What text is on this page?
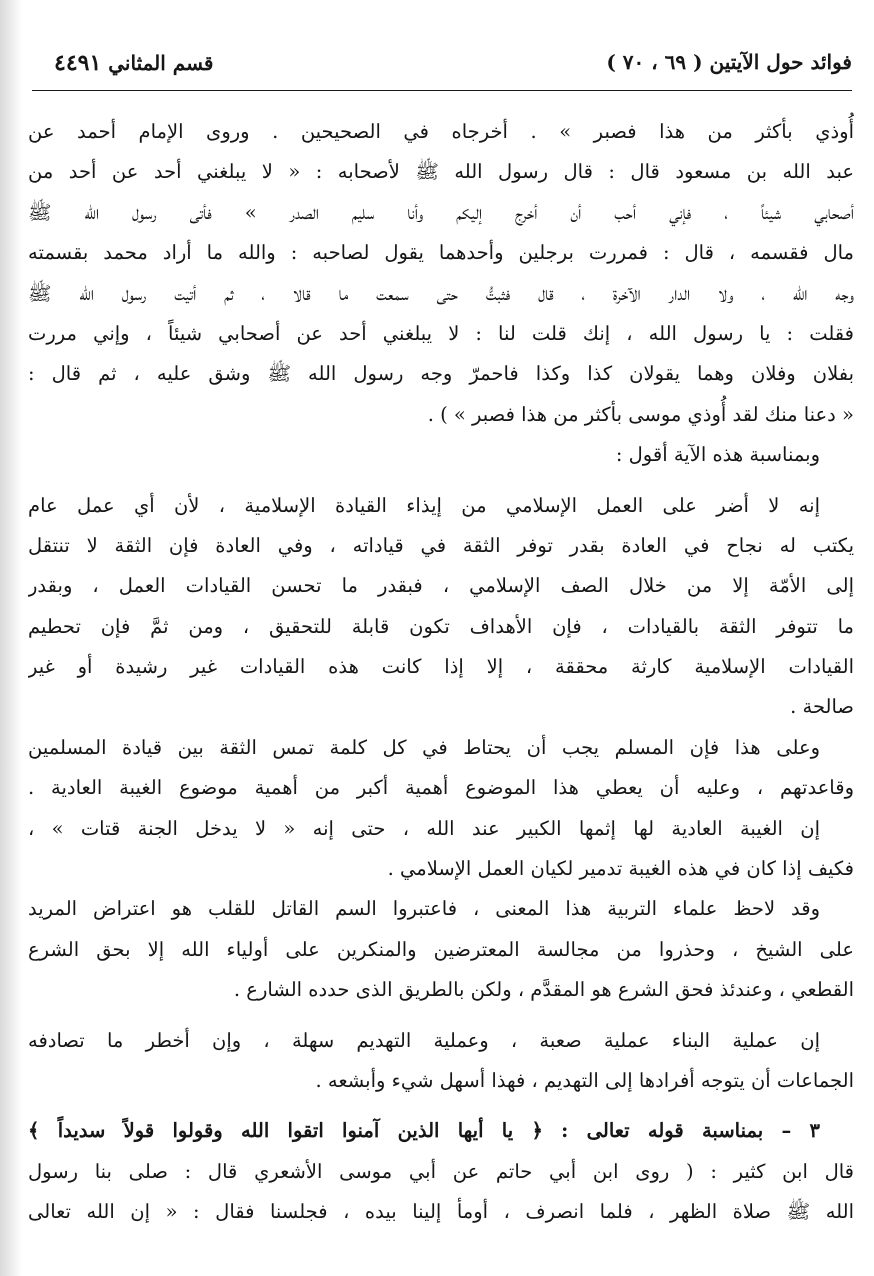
فوائد حول الآيتين ( ٦٩ ، ٧٠ )
قسم المثاني ٤٤٩١
أُوذي بأكثر من هذا فصبر » . أخرجاه في الصحيحين . وروى الإمام أحمد عن
عبد الله بن مسعود قال : قال رسول الله ﷺ لأصحابه : « لا يبلغني أحد عن أحد من
أصحابي شيئاً ، فإني أحب أن أخرج إليكم وأنا سليم الصدر » فأتى رسول الله ﷺ
مال فقسمه ، قال : فمررت برجلين وأحدهما يقول لصاحبه : والله ما أراد محمد بقسمته
وجه الله ، ولا الدار الآخرة ، قال فثبتُّ حتى سمعت ما قالا ، ثم أتيت رسول الله ﷺ
فقلت : يا رسول الله ، إنك قلت لنا : لا يبلغني أحد عن أصحابي شيئاً ، وإني مررت
بفلان وفلان وهما يقولان كذا وكذا فاحمرّ وجه رسول الله ﷺ وشق عليه ، ثم قال :
« دعنا منك لقد أُوذي موسى بأكثر من هذا فصبر » ) .
وبمناسبة هذه الآية أقول :
إنه لا أضر على العمل الإسلامي من إيذاء القيادة الإسلامية ، لأن أي عمل عام
يكتب له نجاح في العادة بقدر توفر الثقة في قياداته ، وفي العادة فإن الثقة لا تنتقل
إلى الأمّة إلا من خلال الصف الإسلامي ، فبقدر ما تحسن القيادات العمل ، وبقدر
ما تتوفر الثقة بالقيادات ، فإن الأهداف تكون قابلة للتحقيق ، ومن ثمَّ فإن تحطيم
القيادات الإسلامية كارثة محققة ، إلا إذا كانت هذه القيادات غير رشيدة أو غير
صالحة .
وعلى هذا فإن المسلم يجب أن يحتاط في كل كلمة تمس الثقة بين قيادة المسلمين
وقاعدتهم ، وعليه أن يعطي هذا الموضوع أهمية أكبر من أهمية موضوع الغيبة العادية .
إن الغيبة العادية لها إثمها الكبير عند الله ، حتى إنه « لا يدخل الجنة قتات » ،
فكيف إذا كان في هذه الغيبة تدمير لكيان العمل الإسلامي .
وقد لاحظ علماء التربية هذا المعنى ، فاعتبروا السم القاتل للقلب هو اعتراض المريد
على الشيخ ، وحذروا من مجالسة المعترضين والمنكرين على أولياء الله إلا بحق الشرع
القطعي ، وعندئذ فحق الشرع هو المقدَّم ، ولكن بالطريق الذى حدده الشارع .
إن عملية البناء عملية صعبة ، وعملية التهديم سهلة ، وإن أخطر ما تصادفه
الجماعات أن يتوجه أفرادها إلى التهديم ، فهذا أسهل شيء وأبشعه .
٣ – بمناسبة قوله تعالى : ﴿ يا أيها الذين آمنوا اتقوا الله وقولوا قولاً سديداً ﴾
قال ابن كثير : ( روى ابن أبي حاتم عن أبي موسى الأشعري قال : صلى بنا رسول
الله ﷺ صلاة الظهر ، فلما انصرف ، أومأ إلينا بيده ، فجلسنا فقال : « إن الله تعالى
